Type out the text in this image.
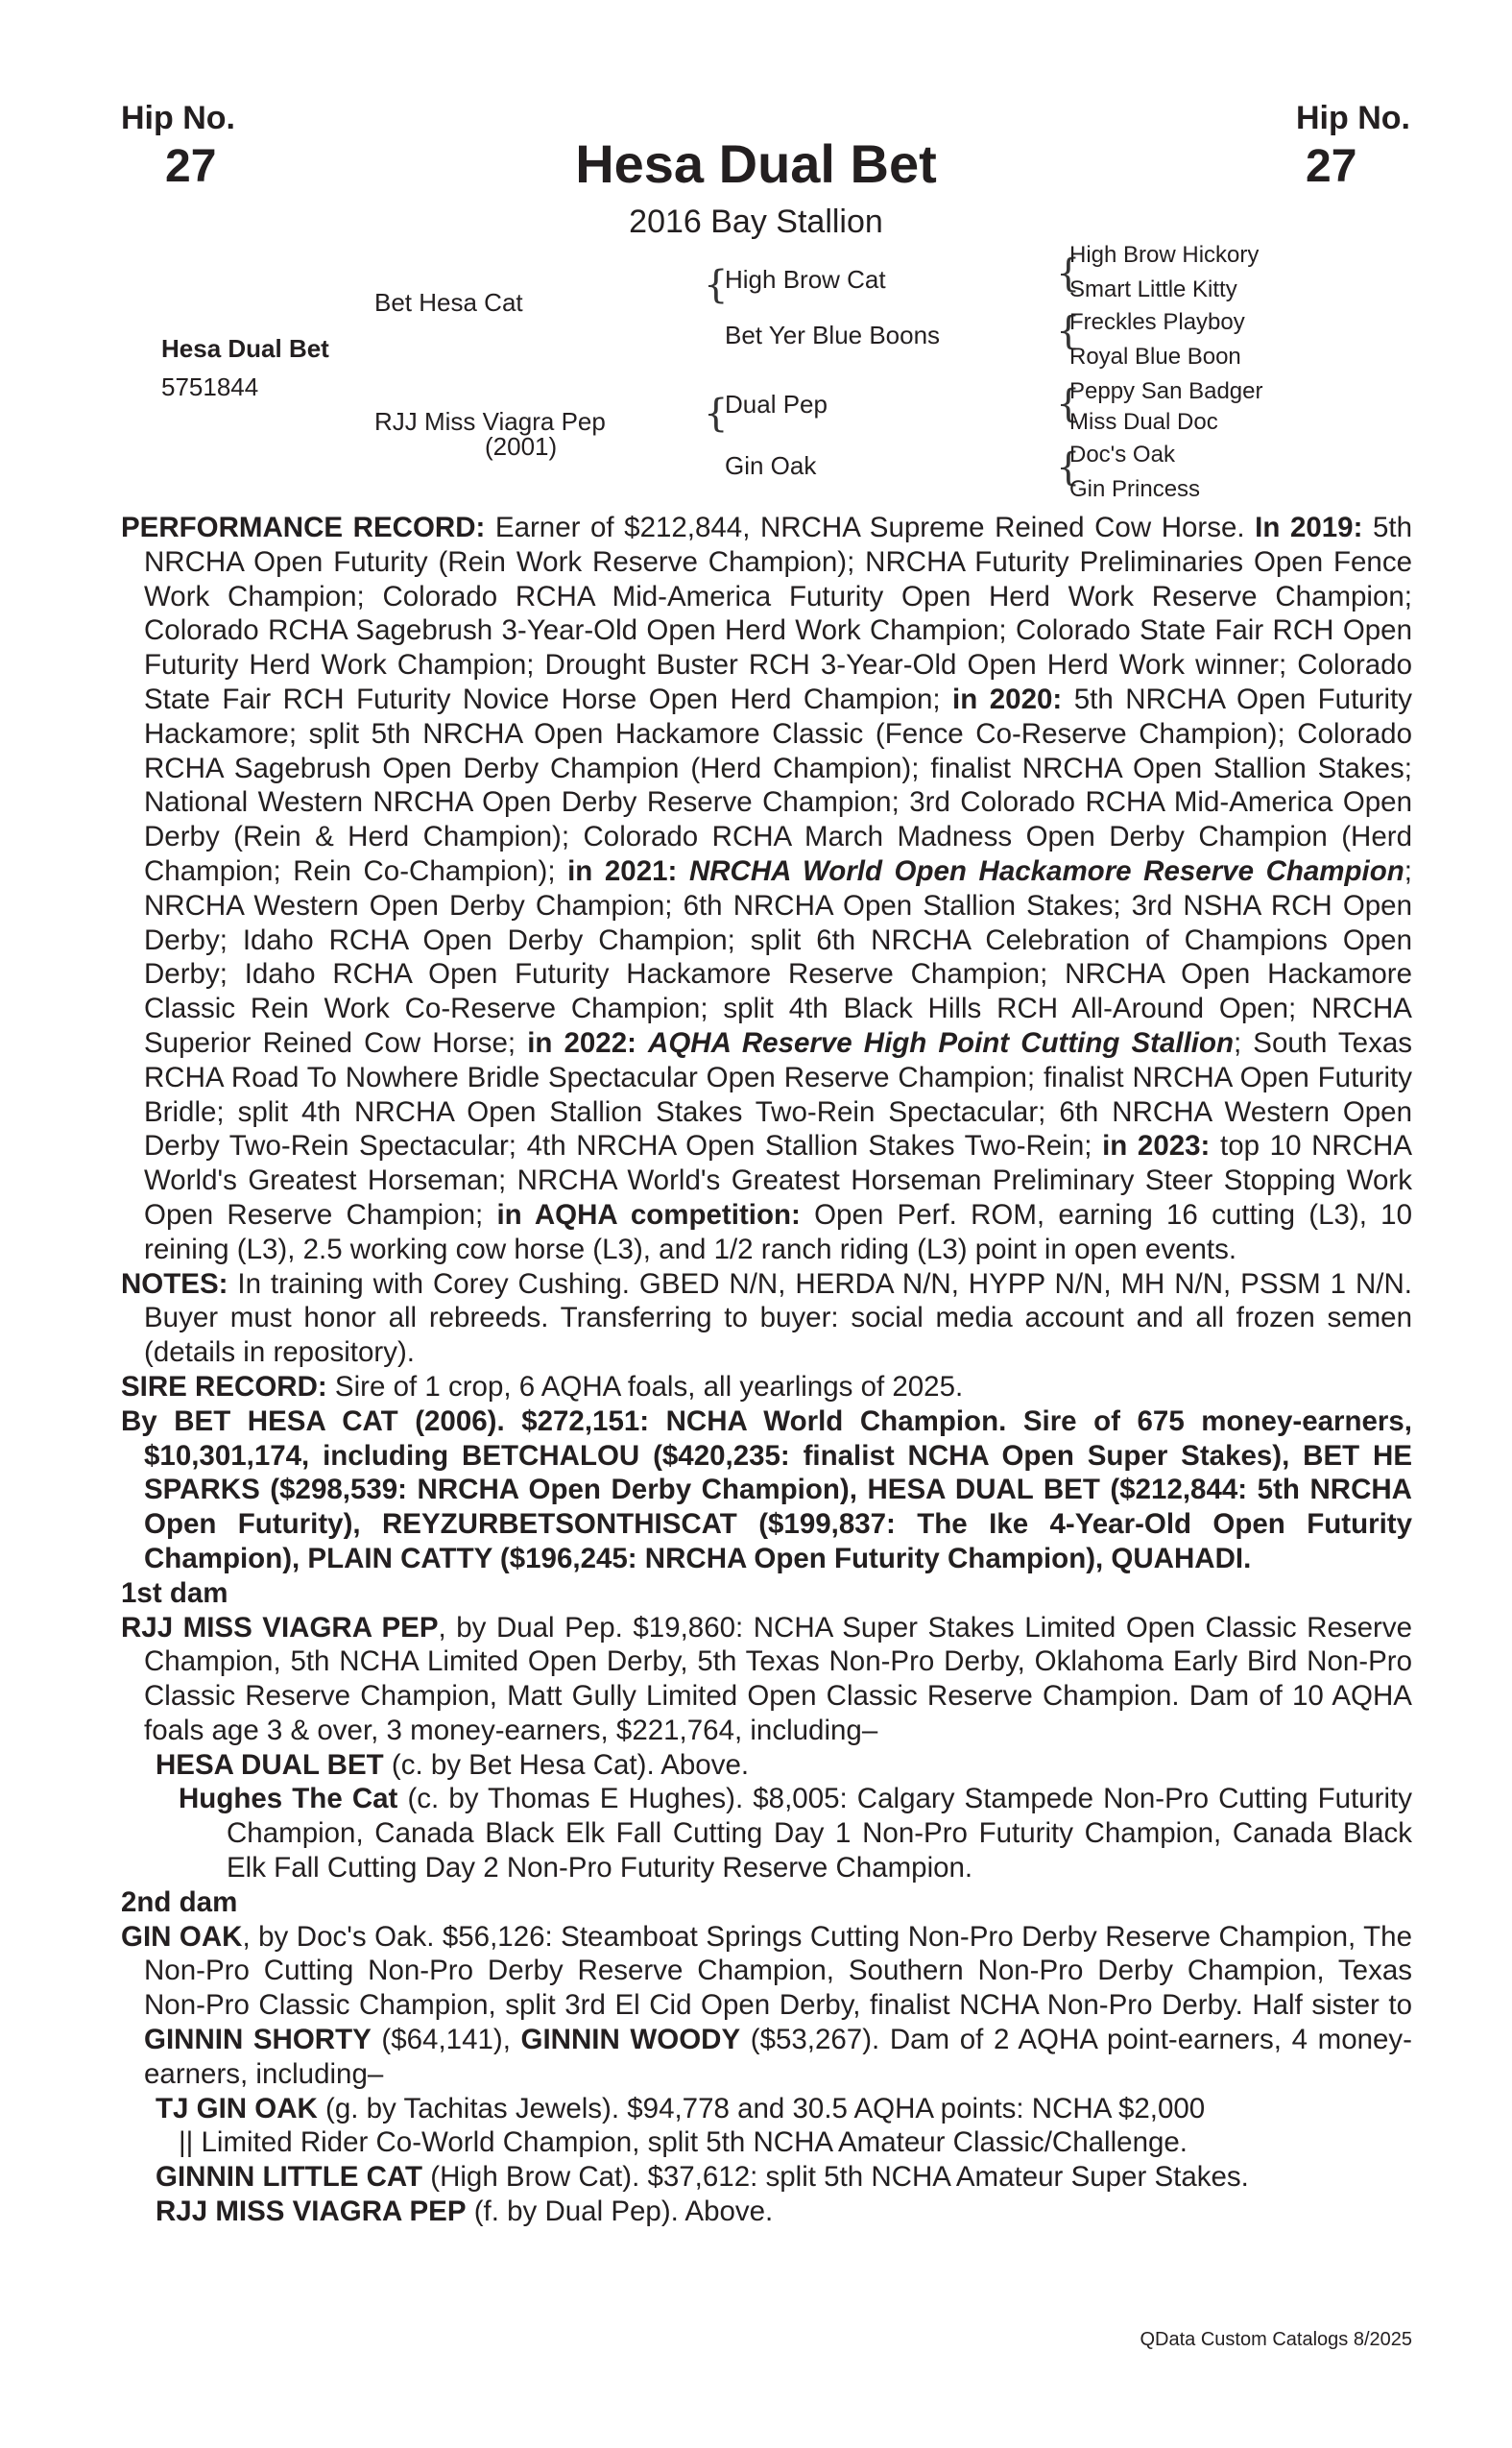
Hip No.
27
Hip No.
27
Hesa Dual Bet
2016 Bay Stallion
Hesa Dual Bet
5751844
Bet Hesa Cat
RJJ Miss Viagra Pep
(2001)
{
High Brow Cat
Bet Yer Blue Boons
{
Dual Pep
Gin Oak
{
High Brow Hickory
Smart Little Kitty
{
Freckles Playboy
Royal Blue Boon
{
Peppy San Badger
Miss Dual Doc
{
Doc's Oak
Gin Princess

PERFORMANCE RECORD: Earner of $212,844, NRCHA Supreme Reined Cow Horse. In 2019: 5th NRCHA Open Futurity (Rein Work Reserve Champion); NRCHA Futurity Preliminaries Open Fence Work Champion; Colorado RCHA Mid-America Futurity Open Herd Work Reserve Champion; Colorado RCHA Sagebrush 3-Year-Old Open Herd Work Champion; Colorado State Fair RCH Open Futurity Herd Work Champion; Drought Buster RCH 3-Year-Old Open Herd Work winner; Colorado State Fair RCH Futurity Novice Horse Open Herd Champion; in 2020: 5th NRCHA Open Futurity Hackamore; split 5th NRCHA Open Hackamore Classic (Fence Co-Reserve Champion); Colorado RCHA Sagebrush Open Derby Champion (Herd Champion); finalist NRCHA Open Stallion Stakes; National Western NRCHA Open Derby Reserve Champion; 3rd Colorado RCHA Mid-America Open Derby (Rein & Herd Champion); Colorado RCHA March Madness Open Derby Champion (Herd Champion; Rein Co-Champion); in 2021: NRCHA World Open Hackamore Reserve Champion; NRCHA Western Open Derby Champion; 6th NRCHA Open Stallion Stakes; 3rd NSHA RCH Open Derby; Idaho RCHA Open Derby Champion; split 6th NRCHA Celebration of Champions Open Derby; Idaho RCHA Open Futurity Hackamore Reserve Champion; NRCHA Open Hackamore Classic Rein Work Co-Reserve Champion; split 4th Black Hills RCH All-Around Open; NRCHA Superior Reined Cow Horse; in 2022: AQHA Reserve High Point Cutting Stallion; South Texas RCHA Road To Nowhere Bridle Spectacular Open Reserve Champion; finalist NRCHA Open Futurity Bridle; split 4th NRCHA Open Stallion Stakes Two-Rein Spectacular; 6th NRCHA Western Open Derby Two-Rein Spectacular; 4th NRCHA Open Stallion Stakes Two-Rein; in 2023: top 10 NRCHA World's Greatest Horseman; NRCHA World's Greatest Horseman Preliminary Steer Stopping Work Open Reserve Champion; in AQHA competition: Open Perf. ROM, earning 16 cutting (L3), 10 reining (L3), 2.5 working cow horse (L3), and 1/2 ranch riding (L3) point in open events.

NOTES: In training with Corey Cushing. GBED N/N, HERDA N/N, HYPP N/N, MH N/N, PSSM 1 N/N. Buyer must honor all rebreeds. Transferring to buyer: social media account and all frozen semen (details in repository).

SIRE RECORD: Sire of 1 crop, 6 AQHA foals, all yearlings of 2025.

By BET HESA CAT (2006). $272,151: NCHA World Champion. Sire of 675 money-earners, $10,301,174, including BETCHALOU ($420,235: finalist NCHA Open Super Stakes), BET HE SPARKS ($298,539: NRCHA Open Derby Champion), HESA DUAL BET ($212,844: 5th NRCHA Open Futurity), REYZURBETSONTHISCAT ($199,837: The Ike 4-Year-Old Open Futurity Champion), PLAIN CATTY ($196,245: NRCHA Open Futurity Champion), QUAHADI.

1st dam

RJJ MISS VIAGRA PEP, by Dual Pep. $19,860: NCHA Super Stakes Limited Open Classic Reserve Champion, 5th NCHA Limited Open Derby, 5th Texas Non-Pro Derby, Oklahoma Early Bird Non-Pro Classic Reserve Champion, Matt Gully Limited Open Classic Reserve Champion. Dam of 10 AQHA foals age 3 & over, 3 money-earners, $221,764, including–

HESA DUAL BET (c. by Bet Hesa Cat). Above.

Hughes The Cat (c. by Thomas E Hughes). $8,005: Calgary Stampede Non-Pro Cutting Futurity Champion, Canada Black Elk Fall Cutting Day 1 Non-Pro Futurity Champion, Canada Black Elk Fall Cutting Day 2 Non-Pro Futurity Reserve Champion.

2nd dam

GIN OAK, by Doc's Oak. $56,126: Steamboat Springs Cutting Non-Pro Derby Reserve Champion, The Non-Pro Cutting Non-Pro Derby Reserve Champion, Southern Non-Pro Derby Champion, Texas Non-Pro Classic Champion, split 3rd El Cid Open Derby, finalist NCHA Non-Pro Derby. Half sister to GINNIN SHORTY ($64,141), GINNIN WOODY ($53,267). Dam of 2 AQHA point-earners, 4 money-earners, including–

TJ GIN OAK (g. by Tachitas Jewels). $94,778 and 30.5 AQHA points: NCHA $2,000
|| Limited Rider Co-World Champion, split 5th NCHA Amateur Classic/Challenge.

GINNIN LITTLE CAT (High Brow Cat). $37,612: split 5th NCHA Amateur Super Stakes.

RJJ MISS VIAGRA PEP (f. by Dual Pep). Above.

QData Custom Catalogs 8/2025
